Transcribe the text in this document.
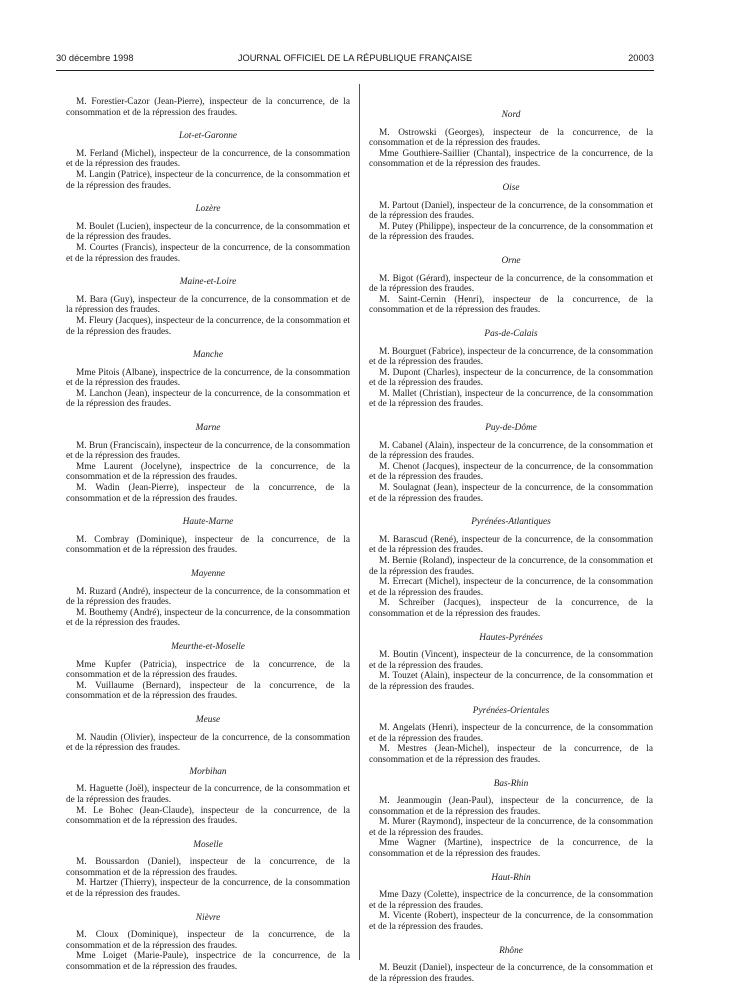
30 décembre 1998	JOURNAL OFFICIEL DE LA RÉPUBLIQUE FRANÇAISE	20003

M. Forestier-Cazor (Jean-Pierre), inspecteur de la concurrence, de la consommation et de la répression des fraudes.

Lot-et-Garonne

M. Ferland (Michel), inspecteur de la concurrence, de la consommation et de la répression des fraudes.

M. Langin (Patrice), inspecteur de la concurrence, de la consommation et de la répression des fraudes.

Lozère

M. Boulet (Lucien), inspecteur de la concurrence, de la consommation et de la répression des fraudes.

M. Courtes (Francis), inspecteur de la concurrence, de la consommation et de la répression des fraudes.

Maine-et-Loire

M. Bara (Guy), inspecteur de la concurrence, de la consommation et de la répression des fraudes.

M. Fleury (Jacques), inspecteur de la concurrence, de la consommation et de la répression des fraudes.

Manche

Mme Pitois (Albane), inspectrice de la concurrence, de la consommation et de la répression des fraudes.

M. Lanchon (Jean), inspecteur de la concurrence, de la consommation et de la répression des fraudes.

Marne

M. Brun (Franciscain), inspecteur de la concurrence, de la consommation et de la répression des fraudes.

Mme Laurent (Jocelyne), inspectrice de la concurrence, de la consommation et de la répression des fraudes.

M. Wadin (Jean-Pierre), inspecteur de la concurrence, de la consommation et de la répression des fraudes.

Haute-Marne

M. Combray (Dominique), inspecteur de la concurrence, de la consommation et de la répression des fraudes.

Mayenne

M. Ruzard (André), inspecteur de la concurrence, de la consommation et de la répression des fraudes.

M. Bouthemy (André), inspecteur de la concurrence, de la consommation et de la répression des fraudes.

Meurthe-et-Moselle

Mme Kupfer (Patricia), inspectrice de la concurrence, de la consommation et de la répression des fraudes.

M. Vuillaume (Bernard), inspecteur de la concurrence, de la consommation et de la répression des fraudes.

Meuse

M. Naudin (Olivier), inspecteur de la concurrence, de la consommation et de la répression des fraudes.

Morbihan

M. Haguette (Joël), inspecteur de la concurrence, de la consommation et de la répression des fraudes.

M. Le Bohec (Jean-Claude), inspecteur de la concurrence, de la consommation et de la répression des fraudes.

Moselle

M. Boussardon (Daniel), inspecteur de la concurrence, de la consommation et de la répression des fraudes.

M. Hartzer (Thierry), inspecteur de la concurrence, de la consommation et de la répression des fraudes.

Nièvre

M. Cloux (Dominique), inspecteur de la concurrence, de la consommation et de la répression des fraudes.

Mme Loiget (Marie-Paule), inspectrice de la concurrence, de la consommation et de la répression des fraudes.

Nord

M. Ostrowski (Georges), inspecteur de la concurrence, de la consommation et de la répression des fraudes.

Mme Gouthiere-Saillier (Chantal), inspectrice de la concurrence, de la consommation et de la répression des fraudes.

Oise

M. Partout (Daniel), inspecteur de la concurrence, de la consommation et de la répression des fraudes.

M. Putey (Philippe), inspecteur de la concurrence, de la consommation et de la répression des fraudes.

Orne

M. Bigot (Gérard), inspecteur de la concurrence, de la consommation et de la répression des fraudes.

M. Saint-Cernin (Henri), inspecteur de la concurrence, de la consommation et de la répression des fraudes.

Pas-de-Calais

M. Bourguet (Fabrice), inspecteur de la concurrence, de la consommation et de la répression des fraudes.

M. Dupont (Charles), inspecteur de la concurrence, de la consommation et de la répression des fraudes.

M. Mallet (Christian), inspecteur de la concurrence, de la consommation et de la répression des fraudes.

Puy-de-Dôme

M. Cabanel (Alain), inspecteur de la concurrence, de la consommation et de la répression des fraudes.

M. Chenot (Jacques), inspecteur de la concurrence, de la consommation et de la répression des fraudes.

M. Soulagnat (Jean), inspecteur de la concurrence, de la consommation et de la répression des fraudes.

Pyrénées-Atlantiques

M. Barascud (René), inspecteur de la concurrence, de la consommation et de la répression des fraudes.

M. Bernie (Roland), inspecteur de la concurrence, de la consommation et de la répression des fraudes.

M. Errecart (Michel), inspecteur de la concurrence, de la consommation et de la répression des fraudes.

M. Schreiber (Jacques), inspecteur de la concurrence, de la consommation et de la répression des fraudes.

Hautes-Pyrénées

M. Boutin (Vincent), inspecteur de la concurrence, de la consommation et de la répression des fraudes.

M. Touzet (Alain), inspecteur de la concurrence, de la consommation et de la répression des fraudes.

Pyrénées-Orientales

M. Angelats (Henri), inspecteur de la concurrence, de la consommation et de la répression des fraudes.

M. Mestres (Jean-Michel), inspecteur de la concurrence, de la consommation et de la répression des fraudes.

Bas-Rhin

M. Jeanmougin (Jean-Paul), inspecteur de la concurrence, de la consommation et de la répression des fraudes.

M. Murer (Raymond), inspecteur de la concurrence, de la consommation et de la répression des fraudes.

Mme Wagner (Martine), inspectrice de la concurrence, de la consommation et de la répression des fraudes.

Haut-Rhin

Mme Dazy (Colette), inspectrice de la concurrence, de la consommation et de la répression des fraudes.

M. Vicente (Robert), inspecteur de la concurrence, de la consommation et de la répression des fraudes.

Rhône

M. Beuzit (Daniel), inspecteur de la concurrence, de la consommation et de la répression des fraudes.
